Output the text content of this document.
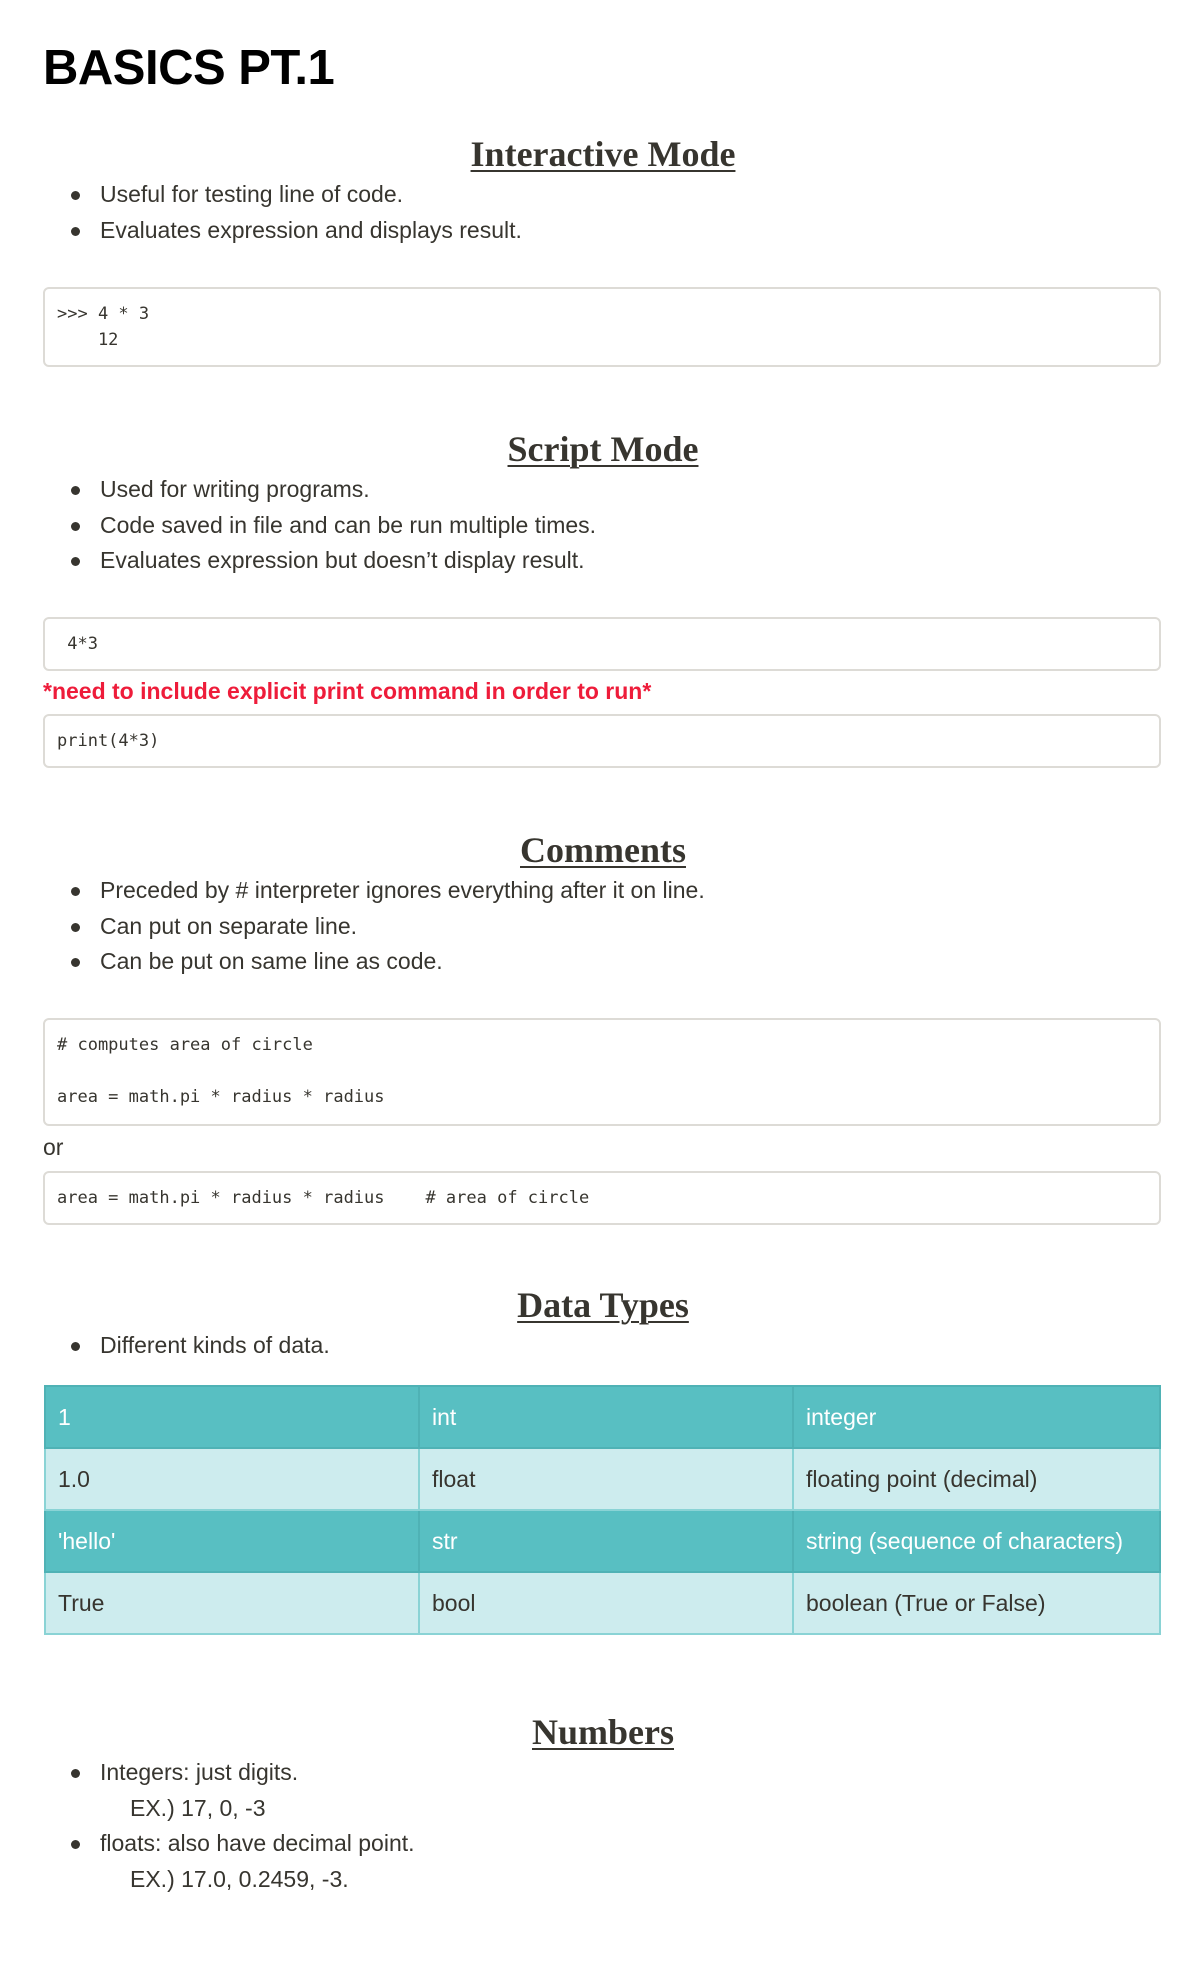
BASICS PT.1
Interactive Mode
Useful for testing line of code.
Evaluates expression and displays result.
>>> 4 * 3
12
Script Mode
Used for writing programs.
Code saved in file and can be run multiple times.
Evaluates expression but doesn’t display result.
4*3

*need to include explicit print command in order to run*

print(4*3)
Comments
Preceded by # interpreter ignores everything after it on line.
Can put on separate line.
Can be put on same line as code.
# computes area of circle

area = math.pi * radius * radius

or

area = math.pi * radius * radius    # area of circle
Data Types
Different kinds of data.
1	int	integer
1.0	float	floating point (decimal)
'hello'	str	string (sequence of characters)
True	bool	boolean (True or False)
Numbers
Integers: just digits.
EX.) 17, 0, -3
floats: also have decimal point.
EX.) 17.0, 0.2459, -3.
